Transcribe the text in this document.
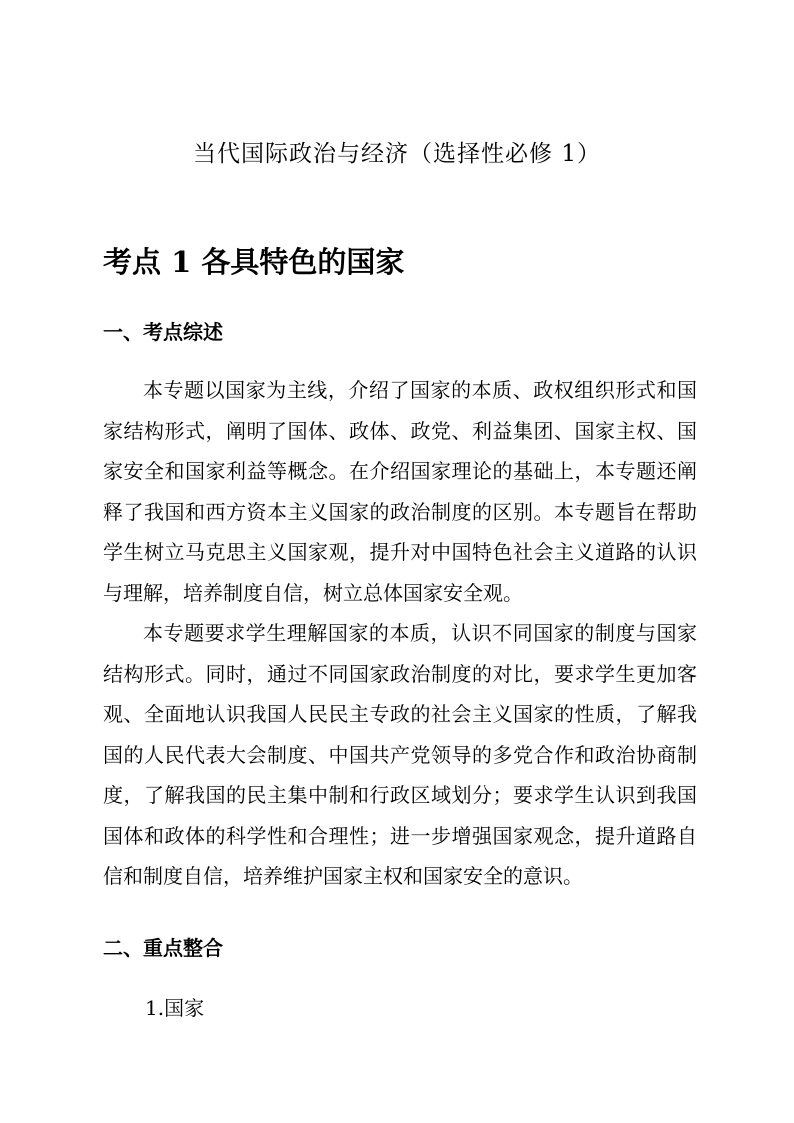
当代国际政治与经济（选择性必修 1）
考点 1 各具特色的国家
一、考点综述

本专题以国家为主线，介绍了国家的本质、政权组织形式和国家结构形式，阐明了国体、政体、政党、利益集团、国家主权、国家安全和国家利益等概念。在介绍国家理论的基础上，本专题还阐释了我国和西方资本主义国家的政治制度的区别。本专题旨在帮助学生树立马克思主义国家观，提升对中国特色社会主义道路的认识与理解，培养制度自信，树立总体国家安全观。

本专题要求学生理解国家的本质，认识不同国家的制度与国家结构形式。同时，通过不同国家政治制度的对比，要求学生更加客观、全面地认识我国人民民主专政的社会主义国家的性质，了解我国的人民代表大会制度、中国共产党领导的多党合作和政治协商制度，了解我国的民主集中制和行政区域划分；要求学生认识到我国国体和政体的科学性和合理性；进一步增强国家观念，提升道路自信和制度自信，培养维护国家主权和国家安全的意识。

二、重点整合
1.国家
